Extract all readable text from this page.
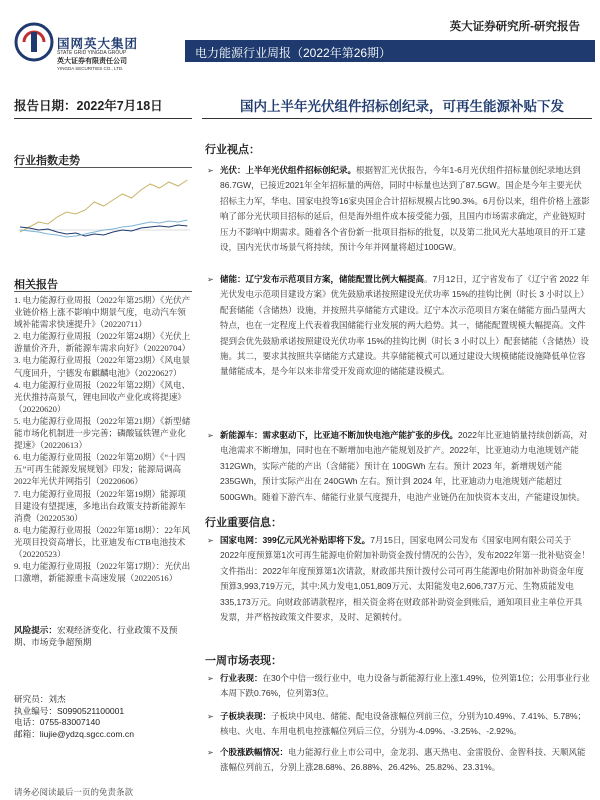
国网英大集团
STATE GRID YINGDA GROUP
英大证券有限责任公司
YINGDA SECURITIES CO., LTD.
英大证券研究所-研究报告
电力能源行业周报（2022年第26期）
报告日期：2022年7月18日	国内上半年光伏组件招标创纪录，可再生能源补贴下发
行业指数走势
相关报告
1. 电力能源行业周报（2022年第25期）《光伏产业链价格上涨不影响中期景气度，电动汽车领域补能需求快速提升》（20220711）
2. 电力能源行业周报（2022年第24期）《光伏上游量价齐升，新能源车需求向好》（20220704）
3. 电力能源行业周报（2022年第23期）《风电景气度回升，宁德发布麒麟电池》（20220627）
4. 电力能源行业周报（2022年第22期）《风电、光伏推持高景气，锂电回收产业化或将提速》（20220620）
5. 电力能源行业周报（2022年第21期）《新型储能市场化机制进一步完善；磷酸锰铁锂产业化提速》（20220613）
6. 电力能源行业周报（2022年第20期）《“十四五”可再生能源发展规划》印发；能源局调高2022年光伏并网指引（20220606）
7. 电力能源行业周报（2022年第19期）能源项目建设有望提速，多地出台政策支持新能源车消费（20220530）
8. 电力能源行业周报（2022年第18期）：22年风光项目投资高增长，比亚迪发布CTB电池技术（20220523）
9. 电力能源行业周报（2022年第17期）：光伏出口激增，新能源重卡高速发展（20220516）
风险提示：宏观经济变化、行业政策不及预期、市场竞争超预期
研究员：刘杰
执业编号：S0990521100001
电话：0755-83007140
邮箱：liujie@ydzq.sgcc.com.cn
请务必阅读最后一页的免责条款
行业视点：
➢ 光伏：上半年光伏组件招标创纪录。根据智汇光伏报告，今年1-6月光伏组件招标量创纪录地达到86.7GW，已接近2021年全年招标量的两倍，同时中标量也达到了87.5GW。国企是今年主要光伏招标主力军，华电、国家电投等16家央国企合计招标规模占比90.3%。6月份以来，组件价格上涨影响了部分光伏项目招标的延后，但是海外组件成本接受能力强，且国内市场需求确定，产业链短时压力不影响中期需求。随着各个省份新一批项目指标的批复，以及第二批风光大基地项目的开工建设，国内光伏市场景气将持续，预计今年并网量将超过100GW。
➢ 储能：辽宁发布示范项目方案，储能配置比例大幅提高。7月12日，辽宁省发布了《辽宁省 2022 年光伏发电示范项目建设方案》优先鼓励承诺按照建设光伏功率 15%的挂钩比例（时长 3 小时以上）配套储能（含储热）设施，并按照共享储能方式建设。辽宁本次示范项目方案在储能方面凸显两大特点，也在一定程度上代表着我国储能行业发展的两大趋势。其一，储能配置规模大幅提高。文件提到会优先鼓励承诺按照建设光伏功率 15%的挂钩比例（时长 3 小时以上）配套储能（含储热）设施。其二，要求其按照共享储能方式建设。共享储能模式可以通过建设大规模储能设施降低单位容量储能成本，是今年以来非常受开发商欢迎的储能建设模式。
➢ 新能源车：需求驱动下，比亚迪不断加快电池产能扩张的步伐。2022年比亚迪销量持续创新高，对电池需求不断增加，同时也在不断增加电池产能规划及扩产。2022年，比亚迪动力电池规划产能 312GWh，实际产能的产出（含储能）预计在 100GWh 左右。预计 2023 年，新增规划产能 235GWh，预计实际产出在 240GWh 左右。预计到 2024 年，比亚迪动力电池规划产能超过 500GWh。随着下游汽车、储能行业景气度提升，电池产业链仍在加快资本支出，产能建设加快。
行业重要信息：
➢ 国家电网：399亿元风光补贴即将下发。7月15日，国家电网公司发布《国家电网有限公司关于2022年度预算第1次可再生能源电价附加补助资金拨付情况的公告》，发布2022年第一批补贴资金！文件指出：2022年年度预算第1次请款，财政部共预计拨付公司可再生能源电价附加补助资金年度预算3,993,719万元，其中:风力发电1,051,809万元、太阳能发电2,606,737万元、生物质能发电335,173万元。向财政部请款程序，相关资金将在财政部补助资金到账后，通知项目业主单位开具发票，并严格按政策文件要求，及时、足额转付。
一周市场表现：
➢ 行业表现：在30个中信一级行业中，电力设备与新能源行业上涨1.49%，位列第1位；公用事业行业本周下跌0.76%，位列第3位。
➢ 子板块表现：子板块中风电、储能、配电设备涨幅位列前三位，分别为10.49%、7.41%、5.78%；核电、火电、车用电机电控涨幅位列后三位，分别为-4.09%、-3.25%、-2.92%。
➢ 个股涨跌幅情况：电力能源行业上市公司中，金龙羽、惠天热电、金雷股份、金智科技、天顺风能涨幅位列前五，分别上涨28.68%、26.88%、26.42%、25.82%、23.31%。
